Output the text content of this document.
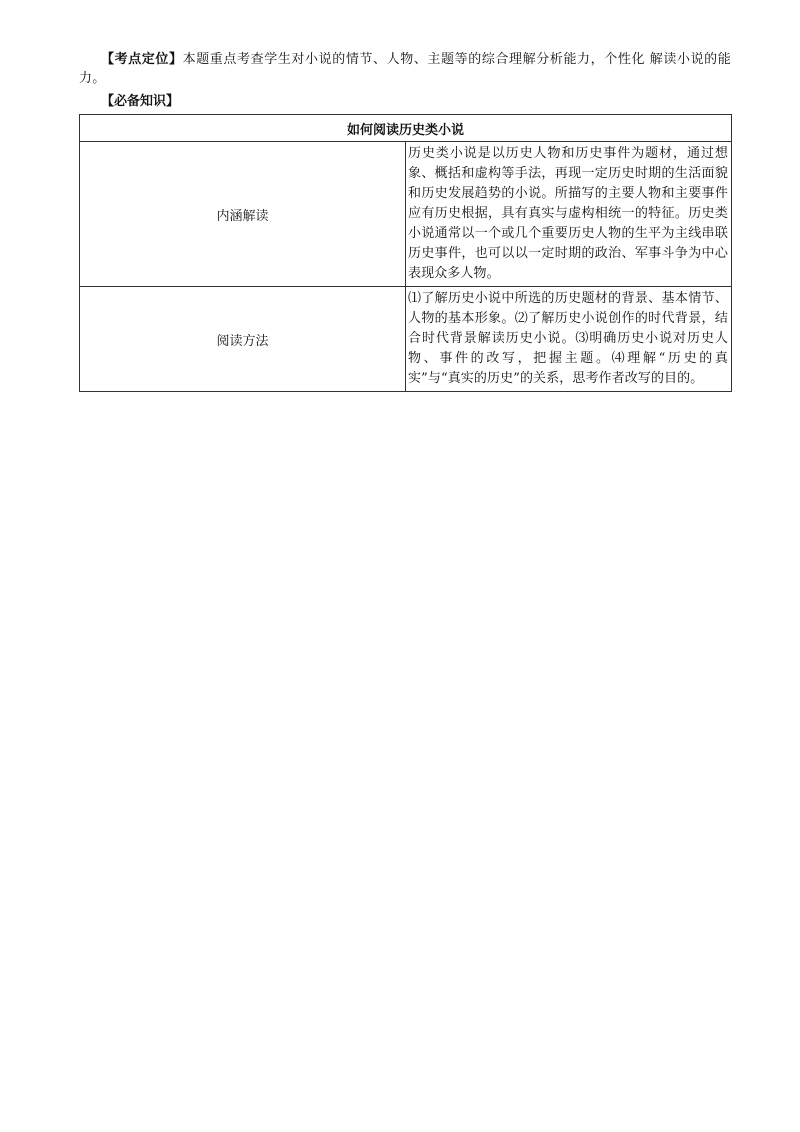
【考点定位】本题重点考查学生对小说的情节、人物、主题等的综合理解分析能力，个性化 解读小说的能力。

【必备知识】
如何阅读历史类小说	
内涵解读	历史类小说是以历史人物和历史事件为题材，通过想象、概括和虚构等手法，再现一定历史时期的生活面貌和历史发展趋势的小说。所描写的主要人物和主要事件应有历史根据，具有真实与虚构相统一的特征。历史类小说通常以一个或几个重要历史人物的生平为主线串联历史事件，也可以以一定时期的政治、军事斗争为中心表现众多人物。
阅读方法	⑴了解历史小说中所选的历史题材的背景、基本情节、人物的基本形象。⑵了解历史小说创作的时代背景，结合时代背景解读历史小说。⑶明确历史小说对历史人物、事件的改写，把握主题。⑷理解“历史的真实”与“真实的历史”的关系，思考作者改写的目的。
